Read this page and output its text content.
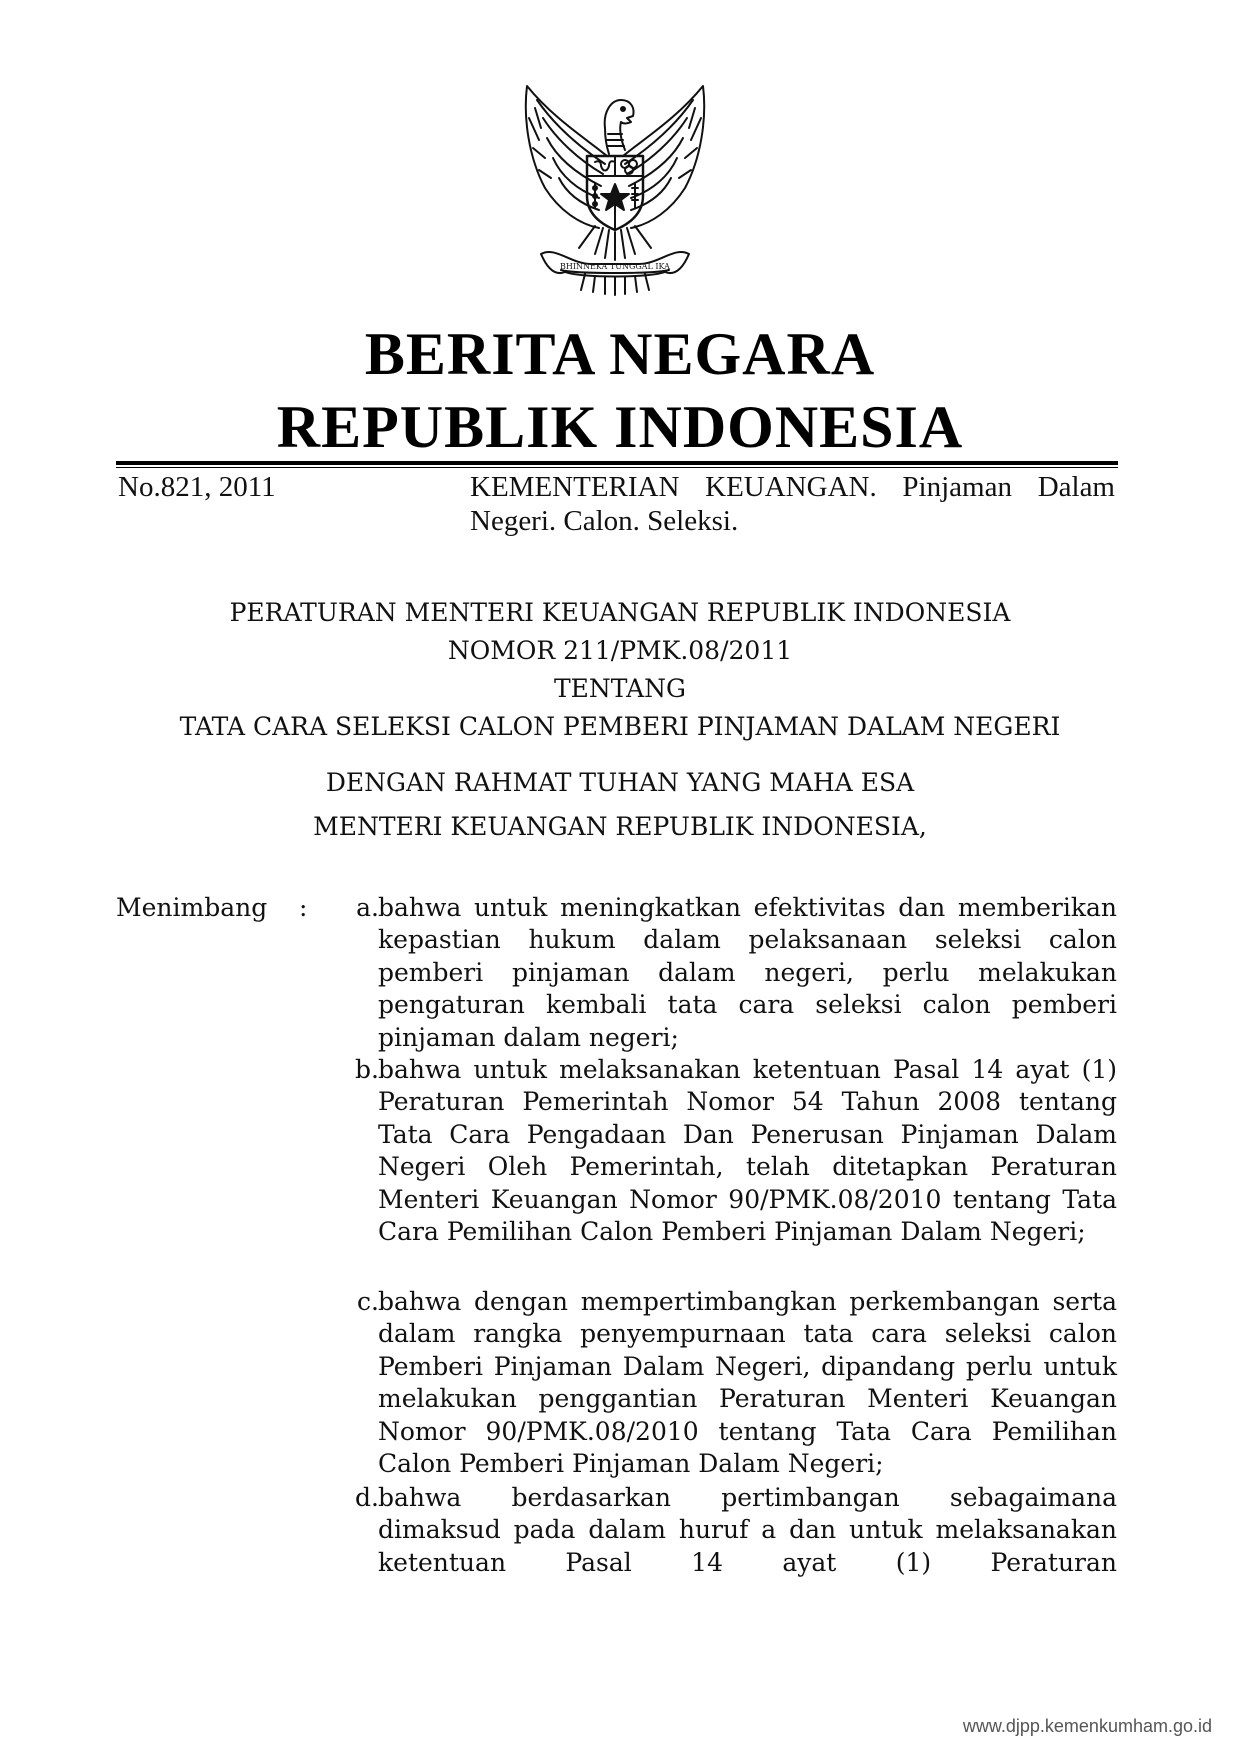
BHINNEKA TUNGGAL IKA
BERITA NEGARA
REPUBLIK INDONESIA
No.821, 2011	KEMENTERIAN KEUANGAN. Pinjaman Dalam Negeri. Calon. Seleksi.
PERATURAN MENTERI KEUANGAN REPUBLIK INDONESIA
NOMOR 211/PMK.08/2011
TENTANG
TATA CARA SELEKSI CALON PEMBERI PINJAMAN DALAM NEGERI
DENGAN RAHMAT TUHAN YANG MAHA ESA
MENTERI KEUANGAN REPUBLIK INDONESIA,
Menimbang :	a. bahwa untuk meningkatkan efektivitas dan memberikan kepastian hukum dalam pelaksanaan seleksi calon pemberi pinjaman dalam negeri, perlu melakukan pengaturan kembali tata cara seleksi calon pemberi pinjaman dalam negeri;
b. bahwa untuk melaksanakan ketentuan Pasal 14 ayat (1) Peraturan Pemerintah Nomor 54 Tahun 2008 tentang Tata Cara Pengadaan Dan Penerusan Pinjaman Dalam Negeri Oleh Pemerintah, telah ditetapkan Peraturan Menteri Keuangan Nomor 90/PMK.08/2010 tentang Tata Cara Pemilihan Calon Pemberi Pinjaman Dalam Negeri;
c. bahwa dengan mempertimbangkan perkembangan serta dalam rangka penyempurnaan tata cara seleksi calon Pemberi Pinjaman Dalam Negeri, dipandang perlu untuk melakukan penggantian Peraturan Menteri Keuangan Nomor 90/PMK.08/2010 tentang Tata Cara Pemilihan Calon Pemberi Pinjaman Dalam Negeri;
d. bahwa berdasarkan pertimbangan sebagaimana dimaksud pada dalam huruf a dan untuk melaksanakan ketentuan Pasal 14 ayat (1) Peraturan
www.djpp.kemenkumham.go.id
